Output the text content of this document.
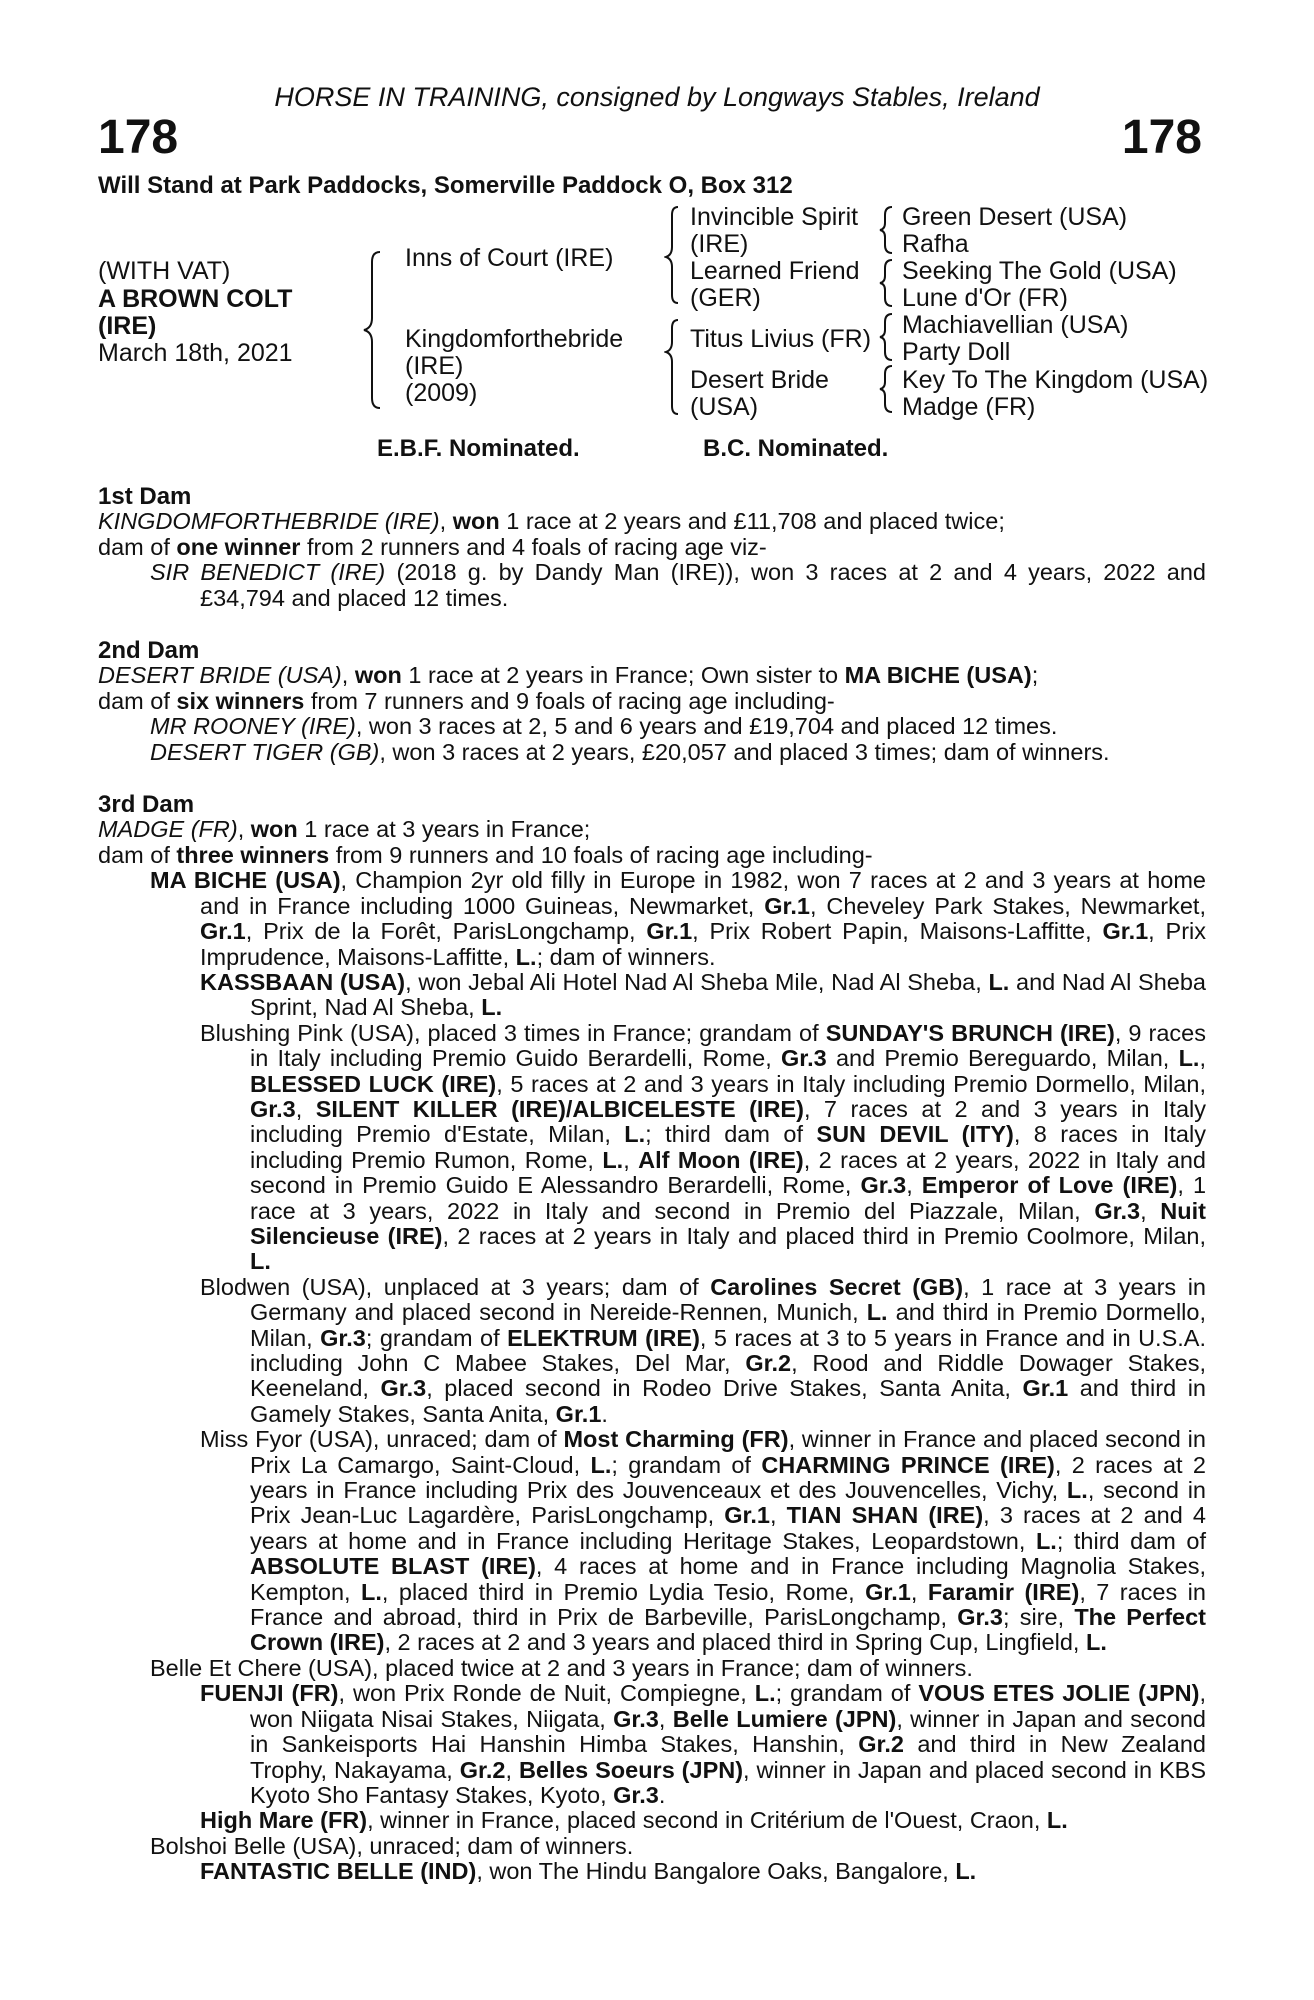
HORSE IN TRAINING, consigned by Longways Stables, Ireland
178	178
Will Stand at Park Paddocks, Somerville Paddock O, Box 312
(WITH VAT)
A BROWN COLT
(IRE)
March 18th, 2021
Inns of Court (IRE)
Kingdomforthebride
(IRE)
(2009)
Invincible Spirit
(IRE)
Learned Friend
(GER)
Titus Livius (FR)
Desert Bride
(USA)
Green Desert (USA)
Rafha
Seeking The Gold (USA)
Lune d'Or (FR)
Machiavellian (USA)
Party Doll
Key To The Kingdom (USA)
Madge (FR)
E.B.F. Nominated.	B.C. Nominated.

1st Dam

KINGDOMFORTHEBRIDE (IRE), won 1 race at 2 years and £11,708 and placed twice;

dam of one winner from 2 runners and 4 foals of racing age viz-

SIR BENEDICT (IRE) (2018 g. by Dandy Man (IRE)), won 3 races at 2 and 4 years, 2022 and £34,794 and placed 12 times.

2nd Dam

DESERT BRIDE (USA), won 1 race at 2 years in France; Own sister to MA BICHE (USA);

dam of six winners from 7 runners and 9 foals of racing age including-

MR ROONEY (IRE), won 3 races at 2, 5 and 6 years and £19,704 and placed 12 times.

DESERT TIGER (GB), won 3 races at 2 years, £20,057 and placed 3 times; dam of winners.

3rd Dam

MADGE (FR), won 1 race at 3 years in France;

dam of three winners from 9 runners and 10 foals of racing age including-

MA BICHE (USA), Champion 2yr old filly in Europe in 1982, won 7 races at 2 and 3 years at home and in France including 1000 Guineas, Newmarket, Gr.1, Cheveley Park Stakes, Newmarket, Gr.1, Prix de la Forêt, ParisLongchamp, Gr.1, Prix Robert Papin, Maisons-Laffitte, Gr.1, Prix Imprudence, Maisons-Laffitte, L.; dam of winners.

KASSBAAN (USA), won Jebal Ali Hotel Nad Al Sheba Mile, Nad Al Sheba, L. and Nad Al Sheba Sprint, Nad Al Sheba, L.

Blushing Pink (USA), placed 3 times in France; grandam of SUNDAY'S BRUNCH (IRE), 9 races in Italy including Premio Guido Berardelli, Rome, Gr.3 and Premio Bereguardo, Milan, L., BLESSED LUCK (IRE), 5 races at 2 and 3 years in Italy including Premio Dormello, Milan, Gr.3, SILENT KILLER (IRE)/ALBICELESTE (IRE), 7 races at 2 and 3 years in Italy including Premio d'Estate, Milan, L.; third dam of SUN DEVIL (ITY), 8 races in Italy including Premio Rumon, Rome, L., Alf Moon (IRE), 2 races at 2 years, 2022 in Italy and second in Premio Guido E Alessandro Berardelli, Rome, Gr.3, Emperor of Love (IRE), 1 race at 3 years, 2022 in Italy and second in Premio del Piazzale, Milan, Gr.3, Nuit Silencieuse (IRE), 2 races at 2 years in Italy and placed third in Premio Coolmore, Milan, L.

Blodwen (USA), unplaced at 3 years; dam of Carolines Secret (GB), 1 race at 3 years in Germany and placed second in Nereide-Rennen, Munich, L. and third in Premio Dormello, Milan, Gr.3; grandam of ELEKTRUM (IRE), 5 races at 3 to 5 years in France and in U.S.A. including John C Mabee Stakes, Del Mar, Gr.2, Rood and Riddle Dowager Stakes, Keeneland, Gr.3, placed second in Rodeo Drive Stakes, Santa Anita, Gr.1 and third in Gamely Stakes, Santa Anita, Gr.1.

Miss Fyor (USA), unraced; dam of Most Charming (FR), winner in France and placed second in Prix La Camargo, Saint-Cloud, L.; grandam of CHARMING PRINCE (IRE), 2 races at 2 years in France including Prix des Jouvenceaux et des Jouvencelles, Vichy, L., second in Prix Jean-Luc Lagardère, ParisLongchamp, Gr.1, TIAN SHAN (IRE), 3 races at 2 and 4 years at home and in France including Heritage Stakes, Leopardstown, L.; third dam of ABSOLUTE BLAST (IRE), 4 races at home and in France including Magnolia Stakes, Kempton, L., placed third in Premio Lydia Tesio, Rome, Gr.1, Faramir (IRE), 7 races in France and abroad, third in Prix de Barbeville, ParisLongchamp, Gr.3; sire, The Perfect Crown (IRE), 2 races at 2 and 3 years and placed third in Spring Cup, Lingfield, L.

Belle Et Chere (USA), placed twice at 2 and 3 years in France; dam of winners.

FUENJI (FR), won Prix Ronde de Nuit, Compiegne, L.; grandam of VOUS ETES JOLIE (JPN), won Niigata Nisai Stakes, Niigata, Gr.3, Belle Lumiere (JPN), winner in Japan and second in Sankeisports Hai Hanshin Himba Stakes, Hanshin, Gr.2 and third in New Zealand Trophy, Nakayama, Gr.2, Belles Soeurs (JPN), winner in Japan and placed second in KBS Kyoto Sho Fantasy Stakes, Kyoto, Gr.3.

High Mare (FR), winner in France, placed second in Critérium de l'Ouest, Craon, L.

Bolshoi Belle (USA), unraced; dam of winners.

FANTASTIC BELLE (IND), won The Hindu Bangalore Oaks, Bangalore, L.
